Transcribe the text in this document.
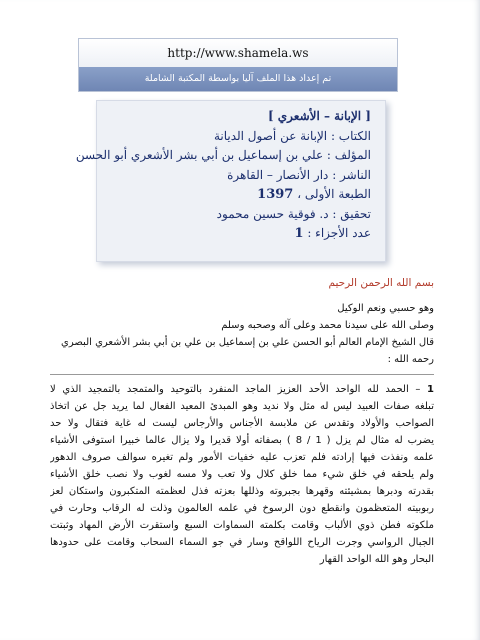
http://www.shamela.ws
تم إعداد هذا الملف آليا بواسطة المكتبة الشاملة
[ الإبانة – الأشعري ]
الكتاب : الإبانة عن أصول الديانة
المؤلف : علي بن إسماعيل بن أبي بشر الأشعري أبو الحسن
الناشر : دار الأنصار – القاهرة
الطبعة الأولى ، 1397
تحقيق : د. فوقية حسين محمود
عدد الأجزاء : 1
بسم الله الرحمن الرحيم
وهو حسبي ونعم الوكيل
وصلى الله على سيدنا محمد وعلى آله وصحبه وسلم
قال الشيخ الإمام العالم أبو الحسن علي بن إسماعيل بن علي بن أبي بشر الأشعري البصري
رحمه الله :
1 – الحمد لله الواحد الأحد العزيز الماجد المنفرد بالتوحيد والمتمجد بالتمجيد الذي لا
تبلغه صفات العبيد ليس له مثل ولا نديد وهو المبدئ المعيد الفعال لما يريد جل عن اتخاذ
الصواحب والأولاد وتقدس عن ملابسة الأجناس والأرجاس ليست له غاية فتقال ولا حد
يضرب له مثال لم يزل ( 1 / 8 ) بصفاته أولا قديرا ولا يزال عالما خبيرا استوفى الأشياء
علمه ونفذت فيها إرادته فلم تعزب عليه خفيات الأمور ولم تغيره سوالف صروف الدهور
ولم يلحقه في خلق شيء مما خلق كلال ولا تعب ولا مسه لغوب ولا نصب خلق الأشياء
بقدرته ودبرها بمشيئته وقهرها بجبروته وذللها بعزته فذل لعظمته المتكبرون واستكان لعز
ربوبيته المتعظمون وانقطع دون الرسوخ في علمه العالمون وذلت له الرقاب وحارت في
ملكوته فطن ذوي الألباب وقامت بكلمته السماوات السبع واستقرت الأرض المهاد وثبتت
الجبال الرواسي وجرت الرياح اللواقح وسار في جو السماء السحاب وقامت على حدودها
البحار وهو الله الواحد القهار
